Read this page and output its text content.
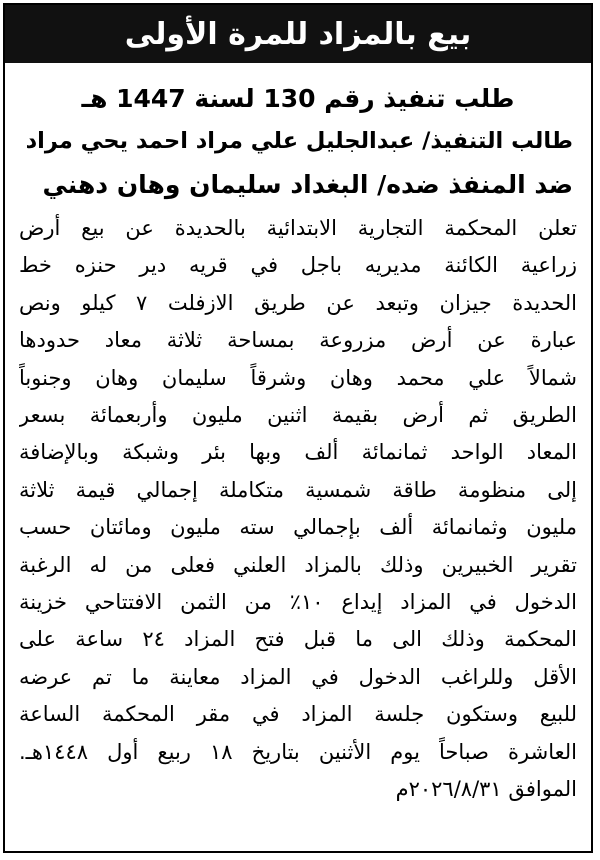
بيع بالمزاد للمرة الأولى
طلب تنفيذ رقم 130 لسنة 1447 هـ
طالب التنفيذ/ عبدالجليل علي مراد احمد يحي مراد
ضد المنفذ ضده/ البغداد سليمان وهان دهني
تعلن المحكمة التجارية الابتدائية بالحديدة عن بيع أرض
زراعية الكائنة مديريه باجل في قريه دير حنزه خط
الحديدة جيزان وتبعد عن طريق الازفلت ٧ كيلو ونص
عبارة عن أرض مزروعة بمساحة ثلاثة معاد حدودها
شمالاً علي محمد وهان وشرقاً سليمان وهان وجنوباً
الطريق ثم أرض بقيمة اثنين مليون وأربعمائة بسعر
المعاد الواحد ثمانمائة ألف وبها بئر وشبكة وبالإضافة
إلى منظومة طاقة شمسية متكاملة إجمالي قيمة ثلاثة
مليون وثمانمائة ألف بإجمالي سته مليون ومائتان حسب
تقرير الخبيرين وذلك بالمزاد العلني فعلى من له الرغبة
الدخول في المزاد إيداع ١٠٪ من الثمن الافتتاحي خزينة
المحكمة وذلك الى ما قبل فتح المزاد ٢٤ ساعة على
الأقل وللراغب الدخول في المزاد معاينة ما تم عرضه
للبيع وستكون جلسة المزاد في مقر المحكمة الساعة
العاشرة صباحاً يوم الأثنين بتاريخ ١٨ ربيع أول ١٤٤٨هـ.
الموافق ٢٠٢٦/٨/٣١م
